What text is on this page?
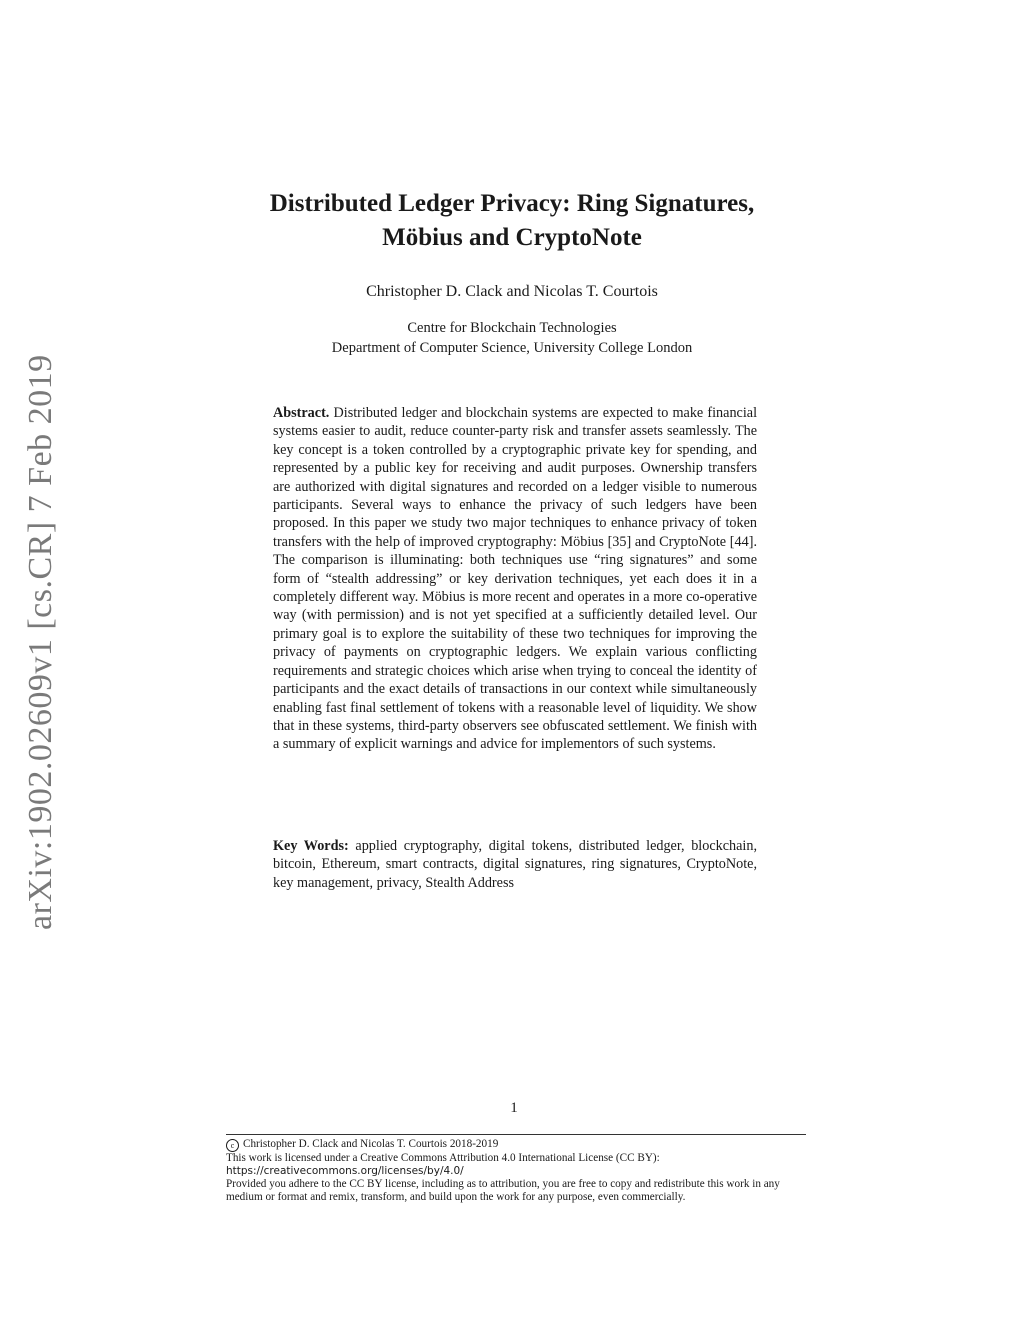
arXiv:1902.02609v1 [cs.CR] 7 Feb 2019
Distributed Ledger Privacy: Ring Signatures,
Möbius and CryptoNote
Christopher D. Clack and Nicolas T. Courtois
Centre for Blockchain Technologies
Department of Computer Science, University College London
Abstract. Distributed ledger and blockchain systems are expected to make financial systems easier to audit, reduce counter-party risk and transfer assets seamlessly. The key concept is a token controlled by a cryptographic private key for spending, and represented by a public key for receiving and audit purposes. Ownership transfers are authorized with digital signatures and recorded on a ledger visible to numerous participants. Several ways to enhance the privacy of such ledgers have been proposed. In this paper we study two major techniques to enhance privacy of token transfers with the help of improved cryptography: Möbius [35] and CryptoNote [44]. The comparison is illuminating: both techniques use “ring signatures” and some form of “stealth addressing” or key derivation techniques, yet each does it in a completely different way. Möbius is more recent and operates in a more co-operative way (with permission) and is not yet specified at a sufficiently detailed level. Our primary goal is to explore the suitability of these two techniques for improving the privacy of payments on cryptographic ledgers. We explain various conflicting requirements and strategic choices which arise when trying to conceal the identity of participants and the exact details of transactions in our context while simultaneously enabling fast final settlement of tokens with a reasonable level of liquidity. We show that in these systems, third-party observers see obfuscated settlement. We finish with a summary of explicit warnings and advice for implementors of such systems.
Key Words: applied cryptography, digital tokens, distributed ledger, blockchain, bitcoin, Ethereum, smart contracts, digital signatures, ring signatures, CryptoNote, key management, privacy, Stealth Address
1
c Christopher D. Clack and Nicolas T. Courtois 2018-2019
This work is licensed under a Creative Commons Attribution 4.0 International License (CC BY):
https://creativecommons.org/licenses/by/4.0/
Provided you adhere to the CC BY license, including as to attribution, you are free to copy and redistribute this work in any medium or format and remix, transform, and build upon the work for any purpose, even commercially.
